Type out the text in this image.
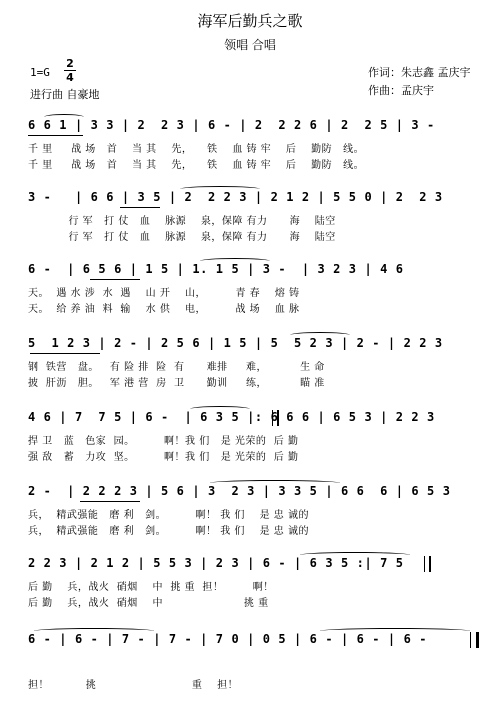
海军后勤兵之歌
领唱 合唱
1=G
2
4
进行曲 自豪地
作词：朱志鑫 孟庆宇
作曲：孟庆宇
6 6 1 | 3 3 | 2  2 3 | 6 - | 2  2 2 6 | 2  2 5 | 3 -
千 里     战 场   首    当 其    先，    铁    血 铸 牢    后    勤防   线。
千 里     战 场   首    当 其    先，    铁    血 铸 牢    后    勤防   线。
3 -   | 6 6 | 3 5 | 2  2 2 3 | 2 1 2 | 5 5 0 | 2  2 3
行 军   打 仗   血    脉源    泉，保障 有力      海    陆空
行 军   打 仗   血    脉源    泉，保障 有力      海    陆空
6 -  | 6 5 6 | 1 5 | 1. 1 5 | 3 -  | 3 2 3 | 4 6
天。  遇 水 涉  水  遇    山 开    山，        青 春    熔 铸
天。  给 养 油  料  输    水 供    电，        战 场    血 脉
5  1 2 3 | 2 - | 2 5 6 | 1 5 | 5  5 2 3 | 2 - | 2 2 3
钢  铁营   盘。   有 险 排  险  有      难排     难，         生 命
披  肝沥   胆。   军 港 营  房  卫      勤训     练，         瞄 准
4 6 | 7  7 5 | 6 -  | 6 3 5 |: 6 6 6 | 6 5 3 | 2 2 3
捍 卫   蓝   色家  园。        啊！我 们   是 光荣的  后 勤
强 敌   蓄   力攻  坚。        啊！我 们   是 光荣的  后 勤
2 -  | 2 2 2 3 | 5 6 | 3  2 3 | 3 3 5 | 6 6  6 | 6 5 3
兵，  精武强能   磨 利   剑。        啊！ 我 们    是 忠 诚的
兵，  精武强能   磨 利   剑。        啊！ 我 们    是 忠 诚的
2 2 3 | 2 1 2 | 5 5 3 | 2 3 | 6 - | 6 3 5 :| 7 5
后 勤    兵，战火  硝烟    中  挑 重  担！        啊！
后 勤    兵，战火  硝烟    中                      挑 重
6 - | 6 - | 7 - | 7 - | 7 0 | 0 5 | 6 - | 6 - | 6 -
担！          挑                          重    担！
